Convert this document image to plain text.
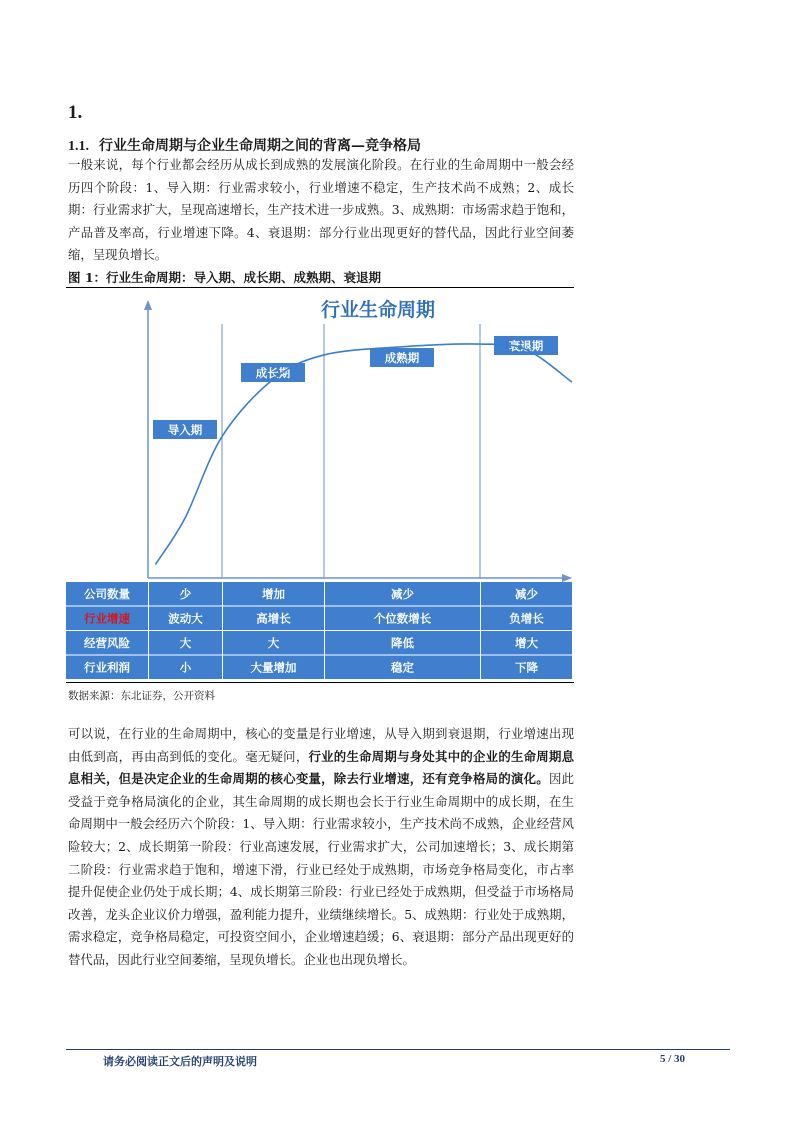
1.
1.1. 行业生命周期与企业生命周期之间的背离—竞争格局
一般来说，每个行业都会经历从成长到成熟的发展演化阶段。在行业的生命周期中一般会经历四个阶段：1、导入期：行业需求较小，行业增速不稳定，生产技术尚不成熟；2、成长期：行业需求扩大，呈现高速增长，生产技术进一步成熟。3、成熟期：市场需求趋于饱和，产品普及率高，行业增速下降。4、衰退期：部分行业出现更好的替代品，因此行业空间萎缩，呈现负增长。
图 1：行业生命周期：导入期、成长期、成熟期、衰退期
行业生命周期
导入期
成长期
成熟期
衰退期
公司数量	少	增加	减少	减少
行业增速	波动大	高增长	个位数增长	负增长
经营风险	大	大	降低	增大
行业利润	小	大量增加	稳定	下降
数据来源：东北证券，公开资料
可以说，在行业的生命周期中，核心的变量是行业增速，从导入期到衰退期，行业增速出现由低到高，再由高到低的变化。毫无疑问，行业的生命周期与身处其中的企业的生命周期息息相关，但是决定企业的生命周期的核心变量，除去行业增速，还有竞争格局的演化。因此受益于竞争格局演化的企业，其生命周期的成长期也会长于行业生命周期中的成长期，在生命周期中一般会经历六个阶段：1、导入期：行业需求较小，生产技术尚不成熟，企业经营风险较大；2、成长期第一阶段：行业高速发展，行业需求扩大，公司加速增长；3、成长期第二阶段：行业需求趋于饱和，增速下滑，行业已经处于成熟期，市场竞争格局变化，市占率提升促使企业仍处于成长期；4、成长期第三阶段：行业已经处于成熟期，但受益于市场格局改善，龙头企业议价力增强，盈利能力提升，业绩继续增长。5、成熟期：行业处于成熟期，需求稳定，竞争格局稳定，可投资空间小，企业增速趋缓；6、衰退期：部分产品出现更好的替代品，因此行业空间萎缩，呈现负增长。企业也出现负增长。
请务必阅读正文后的声明及说明	5 / 30
